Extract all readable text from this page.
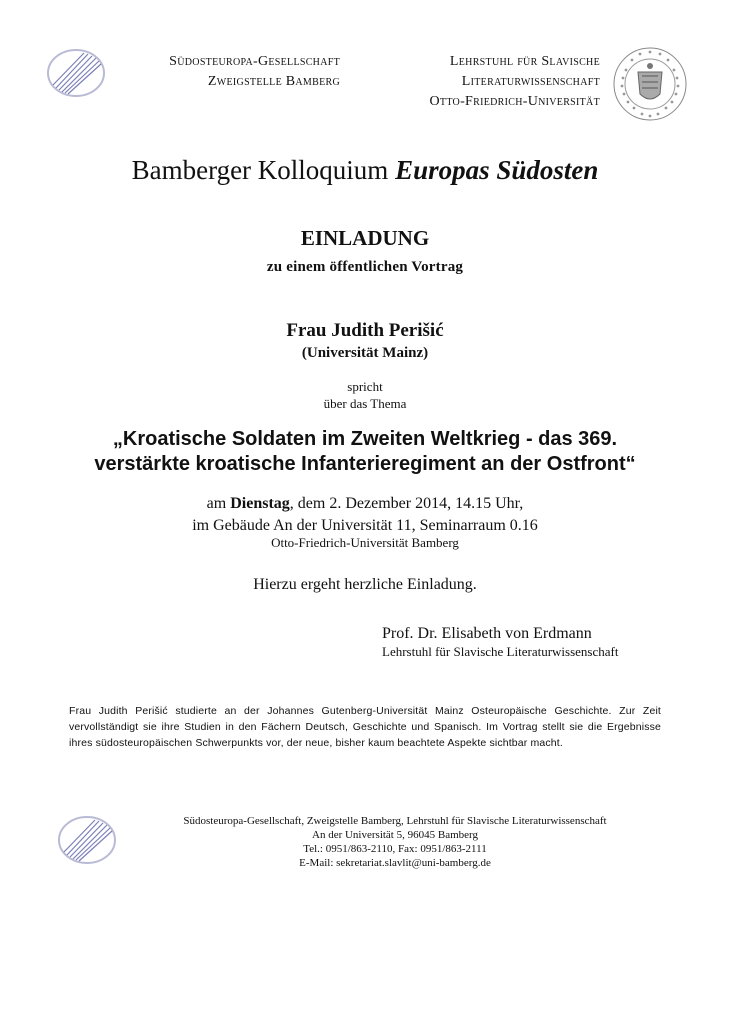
Südosteuropa-Gesellschaft
Zweigstelle Bamberg
Lehrstuhl für Slavische
Literaturwissenschaft
Otto-Friedrich-Universität
Bamberger Kolloquium Europas Südosten
EINLADUNG
zu einem öffentlichen Vortrag
Frau Judith Perišić
(Universität Mainz)
spricht
über das Thema
„Kroatische Soldaten im Zweiten Weltkrieg - das 369.
verstärkte kroatische Infanterieregiment an der Ostfront“
am Dienstag, dem 2. Dezember 2014, 14.15 Uhr,
im Gebäude An der Universität 11, Seminarraum 0.16
Otto-Friedrich-Universität Bamberg
Hierzu ergeht herzliche Einladung.
Prof. Dr. Elisabeth von Erdmann
Lehrstuhl für Slavische Literaturwissenschaft
Frau Judith Perišić studierte an der Johannes Gutenberg-Universität Mainz Osteuropäische Geschichte. Zur Zeit vervollständigt sie ihre Studien in den Fächern Deutsch, Geschichte und Spanisch. Im Vortrag stellt sie die Ergebnisse ihres südosteuropäischen Schwerpunkts vor, der neue, bisher kaum beachtete Aspekte sichtbar macht.
Südosteuropa-Gesellschaft, Zweigstelle Bamberg, Lehrstuhl für Slavische Literaturwissenschaft
An der Universität 5, 96045 Bamberg
Tel.: 0951/863-2110, Fax: 0951/863-2111
E-Mail: sekretariat.slavlit@uni-bamberg.de
